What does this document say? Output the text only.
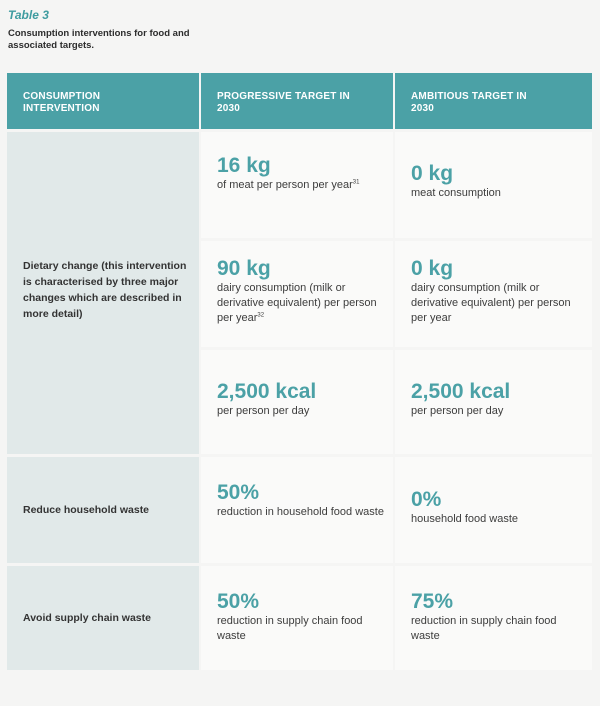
Table 3
Consumption interventions for food and associated targets.
CONSUMPTION INTERVENTION
PROGRESSIVE TARGET IN 2030
AMBITIOUS TARGET IN 2030
Dietary change (this intervention is characterised by three major changes which are described in more detail)
16 kg
of meat per person per year$^{31}$	0 kg
meat consumption
90 kg
dairy consumption (milk or derivative equivalent) per person per year$^{32}$
0 kg
dairy consumption (milk or derivative equivalent) per person per year
2,500 kcal
per person per day
2,500 kcal
per person per day
Reduce household waste
50%
reduction in household food waste
0%
household food waste
Avoid supply chain waste
50%
reduction in supply chain food waste
75%
reduction in supply chain food waste
